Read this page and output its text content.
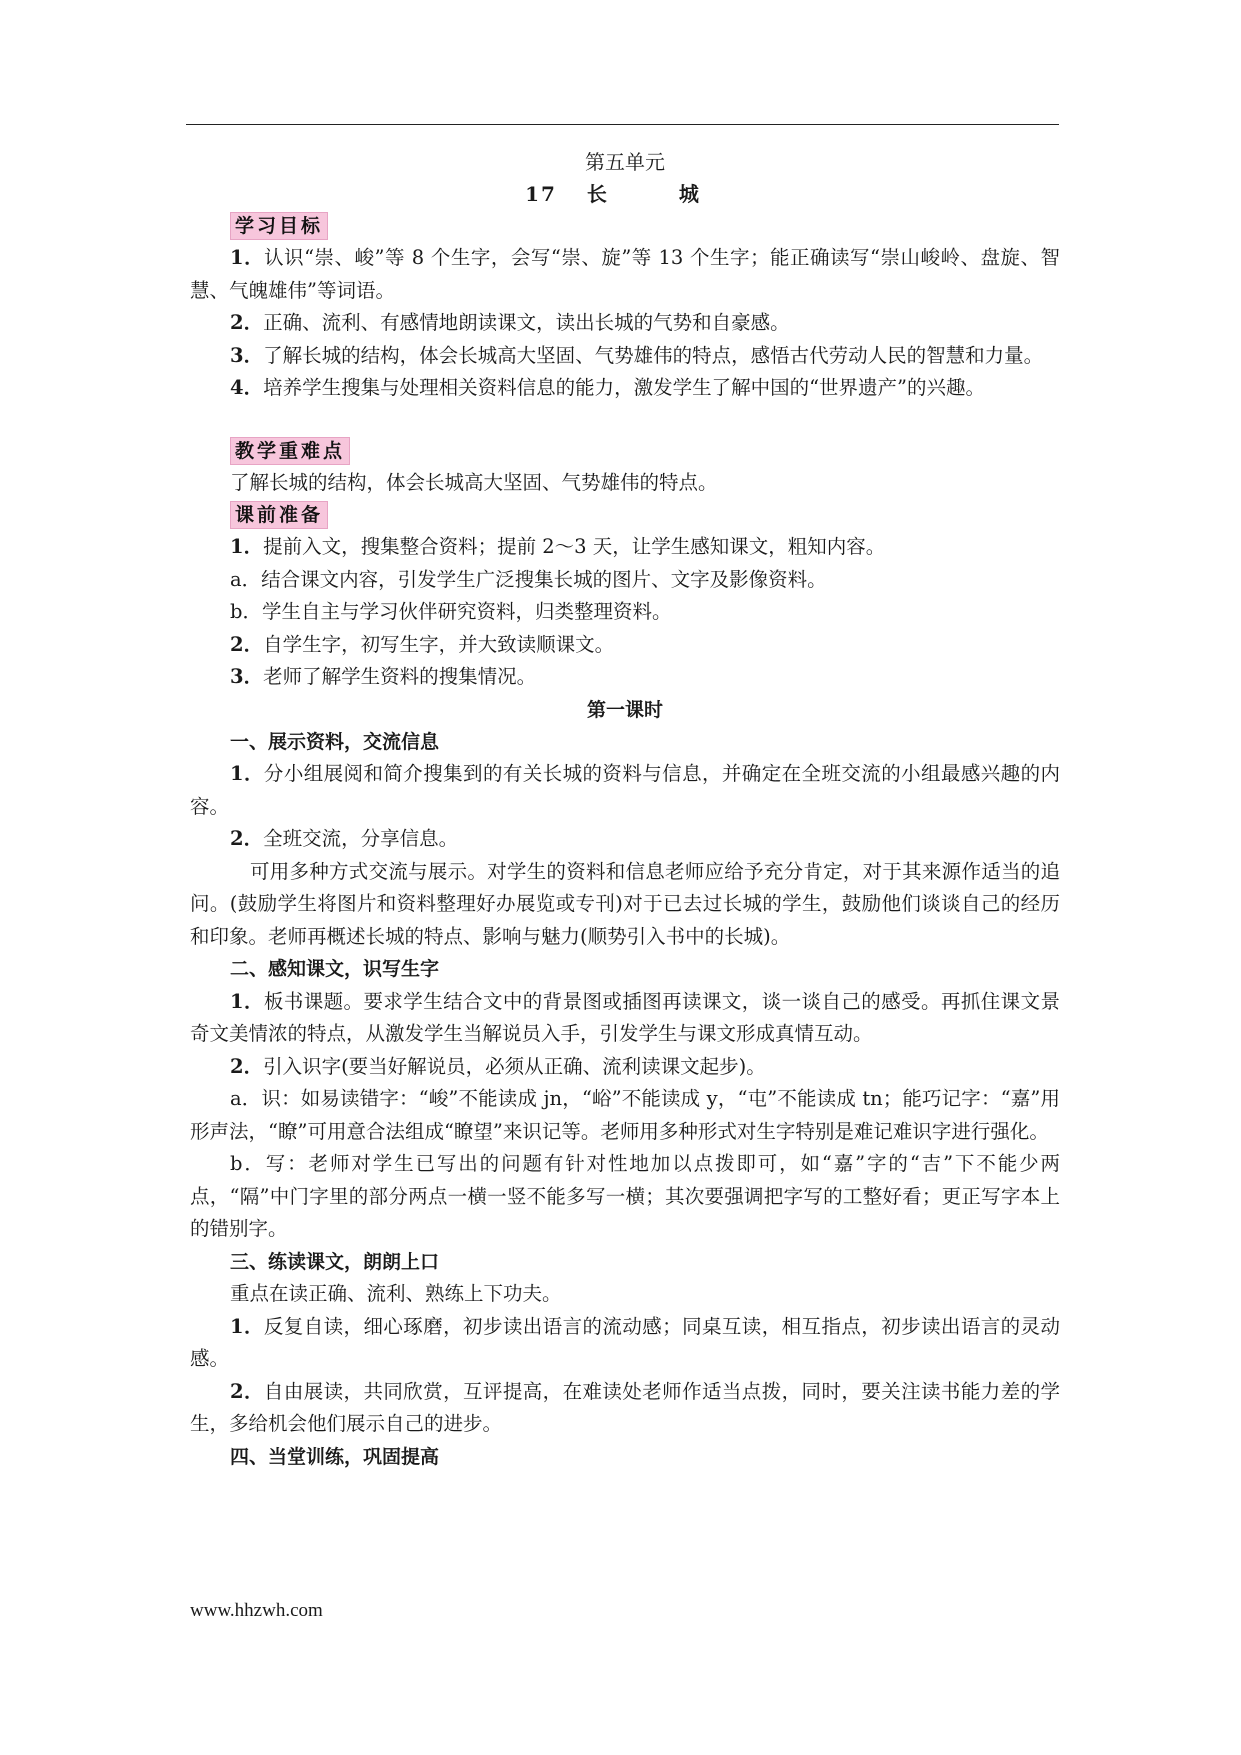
第五单元
17 长　城
学习目标

1．认识“崇、峻”等 8 个生字，会写“崇、旋”等 13 个生字；能正确读写“崇山峻岭、盘旋、智慧、气魄雄伟”等词语。

2．正确、流利、有感情地朗读课文，读出长城的气势和自豪感。

3．了解长城的结构，体会长城高大坚固、气势雄伟的特点，感悟古代劳动人民的智慧和力量。

4．培养学生搜集与处理相关资料信息的能力，激发学生了解中国的“世界遗产”的兴趣。

教学重难点

了解长城的结构，体会长城高大坚固、气势雄伟的特点。

课前准备

1．提前入文，搜集整合资料；提前 2～3 天，让学生感知课文，粗知内容。

a．结合课文内容，引发学生广泛搜集长城的图片、文字及影像资料。

b．学生自主与学习伙伴研究资料，归类整理资料。

2．自学生字，初写生字，并大致读顺课文。

3．老师了解学生资料的搜集情况。

第一课时
一、展示资料，交流信息

1．分小组展阅和简介搜集到的有关长城的资料与信息，并确定在全班交流的小组最感兴趣的内容。

2．全班交流，分享信息。

可用多种方式交流与展示。对学生的资料和信息老师应给予充分肯定，对于其来源作适当的追问。(鼓励学生将图片和资料整理好办展览或专刊)对于已去过长城的学生，鼓励他们谈谈自己的经历和印象。老师再概述长城的特点、影响与魅力(顺势引入书中的长城)。

二、感知课文，识写生字

1．板书课题。要求学生结合文中的背景图或插图再读课文，谈一谈自己的感受。再抓住课文景奇文美情浓的特点，从激发学生当解说员入手，引发学生与课文形成真情互动。

2．引入识字(要当好解说员，必须从正确、流利读课文起步)。

a．识：如易读错字：“峻”不能读成 jn，“峪”不能读成 y，“屯”不能读成 tn；能巧记字：“嘉”用形声法，“瞭”可用意合法组成“瞭望”来识记等。老师用多种形式对生字特别是难记难识字进行强化。

b．写：老师对学生已写出的问题有针对性地加以点拨即可，如“嘉”字的“吉”下不能少两点，“隔”中门字里的部分两点一横一竖不能多写一横；其次要强调把字写的工整好看；更正写字本上的错别字。

三、练读课文，朗朗上口

重点在读正确、流利、熟练上下功夫。

1．反复自读，细心琢磨，初步读出语言的流动感；同桌互读，相互指点，初步读出语言的灵动感。

2．自由展读，共同欣赏，互评提高，在难读处老师作适当点拨，同时，要关注读书能力差的学生，多给机会他们展示自己的进步。

四、当堂训练，巩固提高
www.hhzwh.com
